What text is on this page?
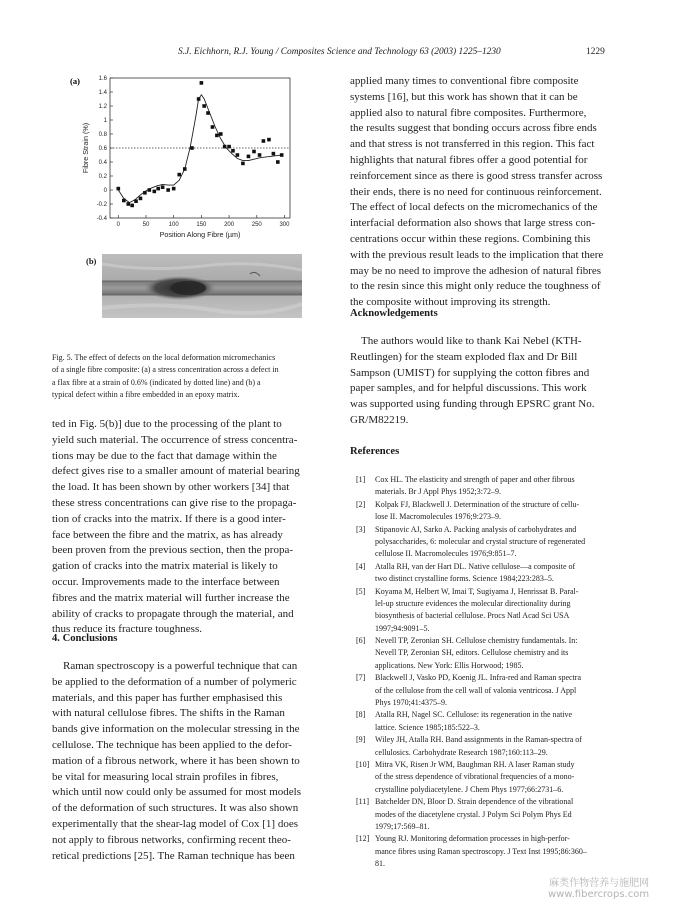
S.J. Eichhorn, R.J. Young / Composites Science and Technology 63 (2003) 1225–1230	1229
(a)
-0.4
-0.2
0
0.2
0.4
0.6
0.8
1
1.2
1.4
1.6
0	50	100	150	200	250	300
Position Along Fibre (µm)
Fibre Strain (%)
(b)
Fig. 5. The effect of defects on the local deformation micromechanics
of a single fibre composite: (a) a stress concentration across a defect in
a flax fibre at a strain of 0.6% (indicated by dotted line) and (b) a
typical defect within a fibre embedded in an epoxy matrix.
ted in Fig. 5(b)] due to the processing of the plant to
yield such material. The occurrence of stress concentra-
tions may be due to the fact that damage within the
defect gives rise to a smaller amount of material bearing
the load. It has been shown by other workers [34] that
these stress concentrations can give rise to the propaga-
tion of cracks into the matrix. If there is a good inter-
face between the fibre and the matrix, as has already
been proven from the previous section, then the propa-
gation of cracks into the matrix material is likely to
occur. Improvements made to the interface between
fibres and the matrix material will further increase the
ability of cracks to propagate through the material, and
thus reduce its fracture toughness.
4. Conclusions
Raman spectroscopy is a powerful technique that can
be applied to the deformation of a number of polymeric
materials, and this paper has further emphasised this
with natural cellulose fibres. The shifts in the Raman
bands give information on the molecular stressing in the
cellulose. The technique has been applied to the defor-
mation of a fibrous network, where it has been shown to
be vital for measuring local strain profiles in fibres,
which until now could only be assumed for most models
of the deformation of such structures. It was also shown
experimentally that the shear-lag model of Cox [1] does
not apply to fibrous networks, confirming recent theo-
retical predictions [25]. The Raman technique has been
applied many times to conventional fibre composite
systems [16], but this work has shown that it can be
applied also to natural fibre composites. Furthermore,
the results suggest that bonding occurs across fibre ends
and that stress is not transferred in this region. This fact
highlights that natural fibres offer a good potential for
reinforcement since as there is good stress transfer across
their ends, there is no need for continuous reinforcement.
The effect of local defects on the micromechanics of the
interfacial deformation also shows that large stress con-
centrations occur within these regions. Combining this
with the previous result leads to the implication that there
may be no need to improve the adhesion of natural fibres
to the resin since this might only reduce the toughness of
the composite without improving its strength.
Acknowledgements
The authors would like to thank Kai Nebel (KTH-
Reutlingen) for the steam exploded flax and Dr Bill
Sampson (UMIST) for supplying the cotton fibres and
paper samples, and for helpful discussions. This work
was supported using funding through EPSRC grant No.
GR/M82219.
References
[1] Cox HL. The elasticity and strength of paper and other fibrous
materials. Br J Appl Phys 1952;3:72–9.
[2] Kolpak FJ, Blackwell J. Determination of the structure of cellu-
lose II. Macromolecules 1976;9:273–9.
[3] Stipanovic AJ, Sarko A. Packing analysis of carbohydrates and
polysaccharides, 6: molecular and crystal structure of regenerated
cellulose II. Macromolecules 1976;9:851–7.
[4] Atalla RH, van der Hart DL. Native cellulose—a composite of
two distinct crystalline forms. Science 1984;223:283–5.
[5] Koyama M, Helbert W, Imai T, Sugiyama J, Henrissat B. Paral-
lel-up structure evidences the molecular directionality during
biosynthesis of bacterial cellulose. Procs Natl Acad Sci USA
1997;94:9091–5.
[6] Nevell TP, Zeronian SH. Cellulose chemistry fundamentals. In:
Nevell TP, Zeronian SH, editors. Cellulose chemistry and its
applications. New York: Ellis Horwood; 1985.
[7] Blackwell J, Vasko PD, Koenig JL. Infra-red and Raman spectra
of the cellulose from the cell wall of valonia ventricosa. J Appl
Phys 1970;41:4375–9.
[8] Atalla RH, Nagel SC. Cellulose: its regeneration in the native
lattice. Science 1985;185:522–3.
[9] Wiley JH, Atalla RH. Band assignments in the Raman-spectra of
cellulosics. Carbohydrate Research 1987;160:113–29.
[10] Mitra VK, Risen Jr WM, Baughman RH. A laser Raman study
of the stress dependence of vibrational frequencies of a mono-
crystalline polydiacetylene. J Chem Phys 1977;66:2731–6.
[11] Batchelder DN, Bloor D. Strain dependence of the vibrational
modes of the diacetylene crystal. J Polym Sci Polym Phys Ed
1979;17:569–81.
[12] Young RJ. Monitoring deformation processes in high-perfor-
mance fibres using Raman spectroscopy. J Text Inst 1995;86:360–
81.
麻类作物营养与施肥网
www.fibercrops.com
